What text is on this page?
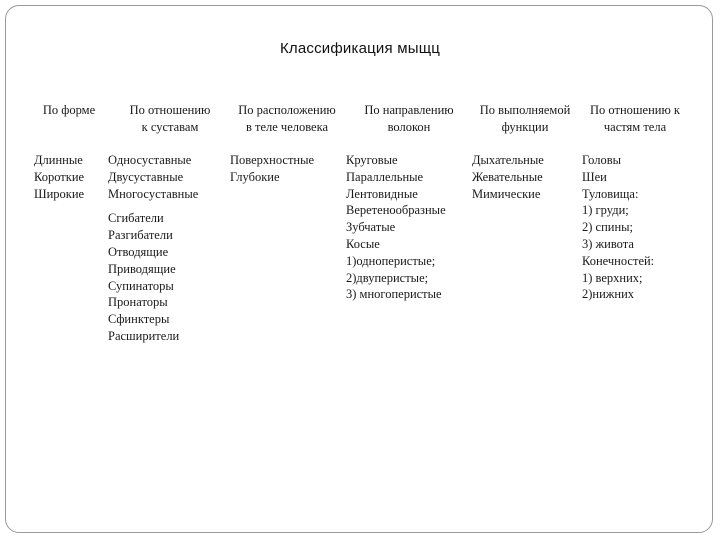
Классификация мыщц
По форме	По отношению
к суставам
По расположению
в теле человека
По направлению
волокон
По выполняемой
функции
По отношению к
частям тела
Длинные
Короткие
Широкие
Односуставные
Двусуставные
Многосуставные
Сгибатели
Разгибатели
Отводящие
Приводящие
Супинаторы
Пронаторы
Сфинктеры
Расширители
Поверхностные
Глубокие
Круговые
Параллельные
Лентовидные
Веретенообразные
Зубчатые
Косые
1)одноперистые;
2)двуперистые;
3) многоперистые
Дыхательные
Жевательные
Мимические
Головы
Шеи
Туловища:
1) груди;
2) спины;
3) живота
Конечностей:
1) верхних;
2)нижних
